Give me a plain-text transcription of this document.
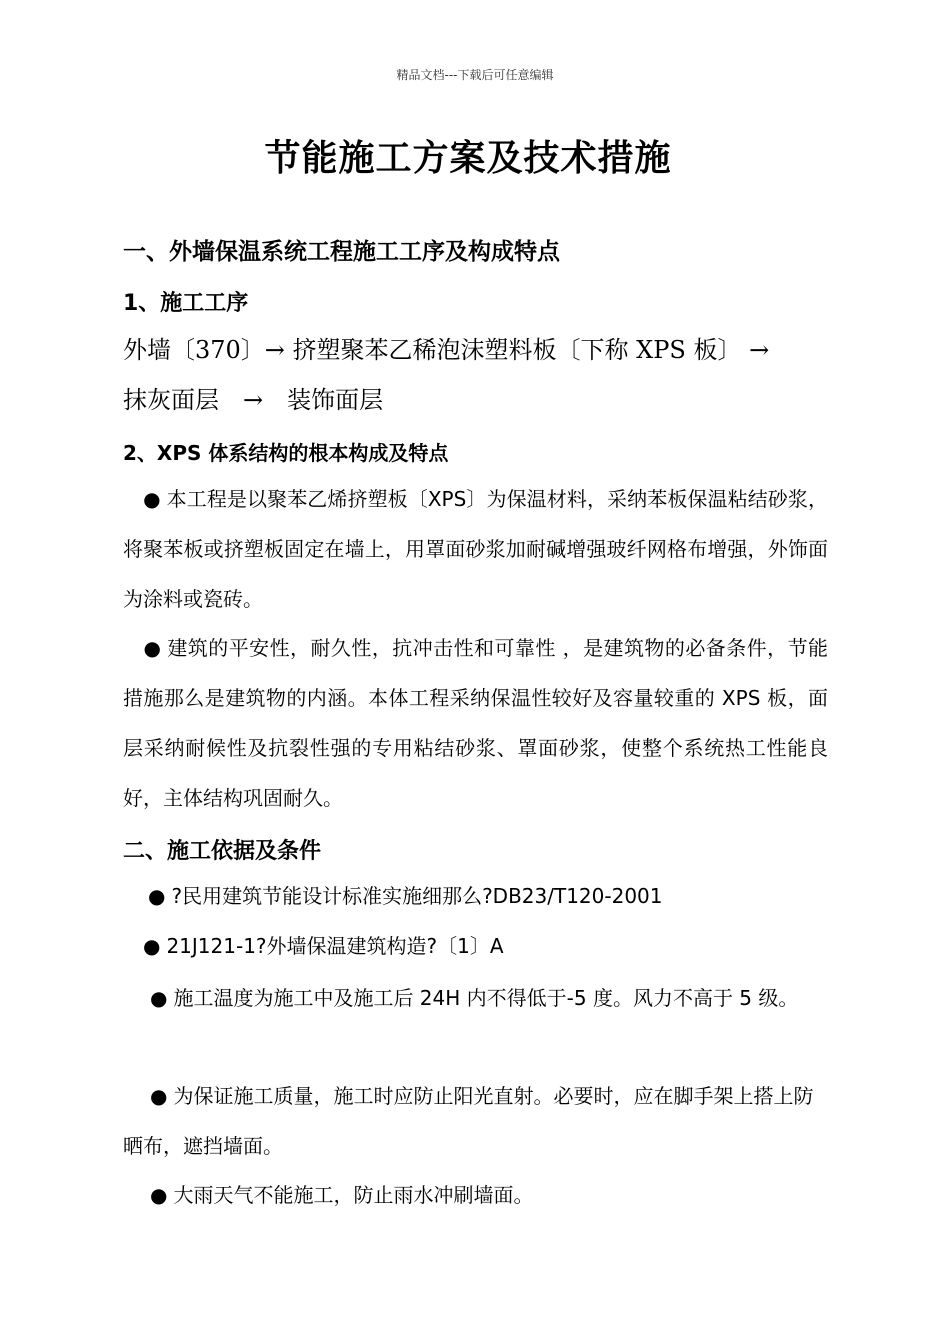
精品文档---下载后可任意编辑
节能施工方案及技术措施
一、外墙保温系统工程施工工序及构成特点
1、施工工序
外墙〔370〕→ 挤塑聚苯乙稀泡沫塑料板〔下称 XPS 板〕 →
抹灰面层　→　装饰面层
2、XPS 体系结构的根本构成及特点
● 本工程是以聚苯乙烯挤塑板〔XPS〕为保温材料，采纳苯板保温粘结砂浆，将聚苯板或挤塑板固定在墙上，用罩面砂浆加耐碱增强玻纤网格布增强，外饰面为涂料或瓷砖。
● 建筑的平安性，耐久性，抗冲击性和可靠性 ，是建筑物的必备条件，节能措施那么是建筑物的内涵。本体工程采纳保温性较好及容量较重的 XPS 板，面层采纳耐候性及抗裂性强的专用粘结砂浆、罩面砂浆，使整个系统热工性能良好，主体结构巩固耐久。
二、施工依据及条件
● ?民用建筑节能设计标准实施细那么?DB23/T120-2001
● 21J121-1?外墙保温建筑构造?〔1〕A
● 施工温度为施工中及施工后 24H 内不得低于-5 度。风力不高于 5 级。
● 为保证施工质量，施工时应防止阳光直射。必要时，应在脚手架上搭上防晒布，遮挡墙面。
● 大雨天气不能施工，防止雨水冲刷墙面。
